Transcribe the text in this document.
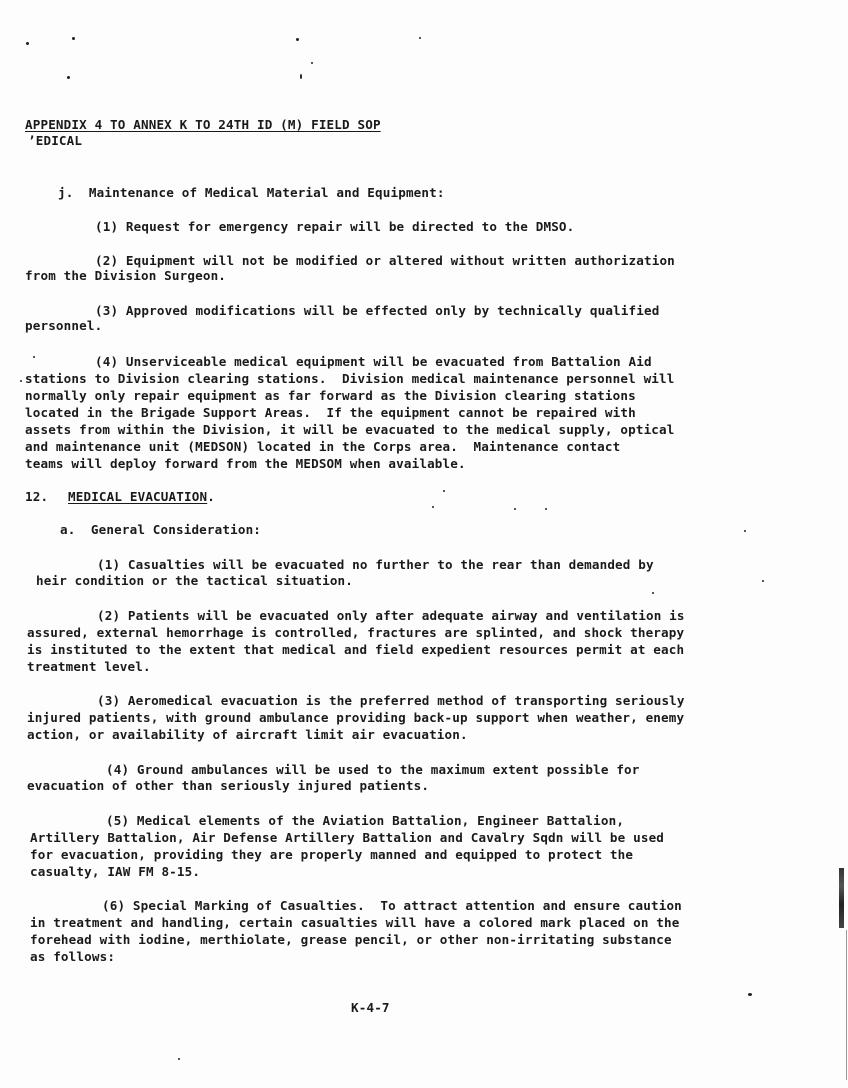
APPENDIX 4 TO ANNEX K TO 24TH ID (M) FIELD SOP
’EDICAL
j.  Maintenance of Medical Material and Equipment:
(1) Request for emergency repair will be directed to the DMSO.
(2) Equipment will not be modified or altered without written authorization
from the Division Surgeon.
(3) Approved modifications will be effected only by technically qualified
personnel.
(4) Unserviceable medical equipment will be evacuated from Battalion Aid
stations to Division clearing stations.  Division medical maintenance personnel will
normally only repair equipment as far forward as the Division clearing stations
located in the Brigade Support Areas.  If the equipment cannot be repaired with
assets from within the Division, it will be evacuated to the medical supply, optical
and maintenance unit (MEDSON) located in the Corps area.  Maintenance contact
teams will deploy forward from the MEDSOM when available.
12. MEDICAL EVACUATION.
a.  General Consideration:
(1) Casualties will be evacuated no further to the rear than demanded by
heir condition or the tactical situation.
(2) Patients will be evacuated only after adequate airway and ventilation is
assured, external hemorrhage is controlled, fractures are splinted, and shock therapy
is instituted to the extent that medical and field expedient resources permit at each
treatment level.
(3) Aeromedical evacuation is the preferred method of transporting seriously
injured patients, with ground ambulance providing back-up support when weather, enemy
action, or availability of aircraft limit air evacuation.
(4) Ground ambulances will be used to the maximum extent possible for
evacuation of other than seriously injured patients.
(5) Medical elements of the Aviation Battalion, Engineer Battalion,
Artillery Battalion, Air Defense Artillery Battalion and Cavalry Sqdn will be used
for evacuation, providing they are properly manned and equipped to protect the
casualty, IAW FM 8-15.
(6) Special Marking of Casualties.  To attract attention and ensure caution
in treatment and handling, certain casualties will have a colored mark placed on the
forehead with iodine, merthiolate, grease pencil, or other non-irritating substance
as follows:
K-4-7
